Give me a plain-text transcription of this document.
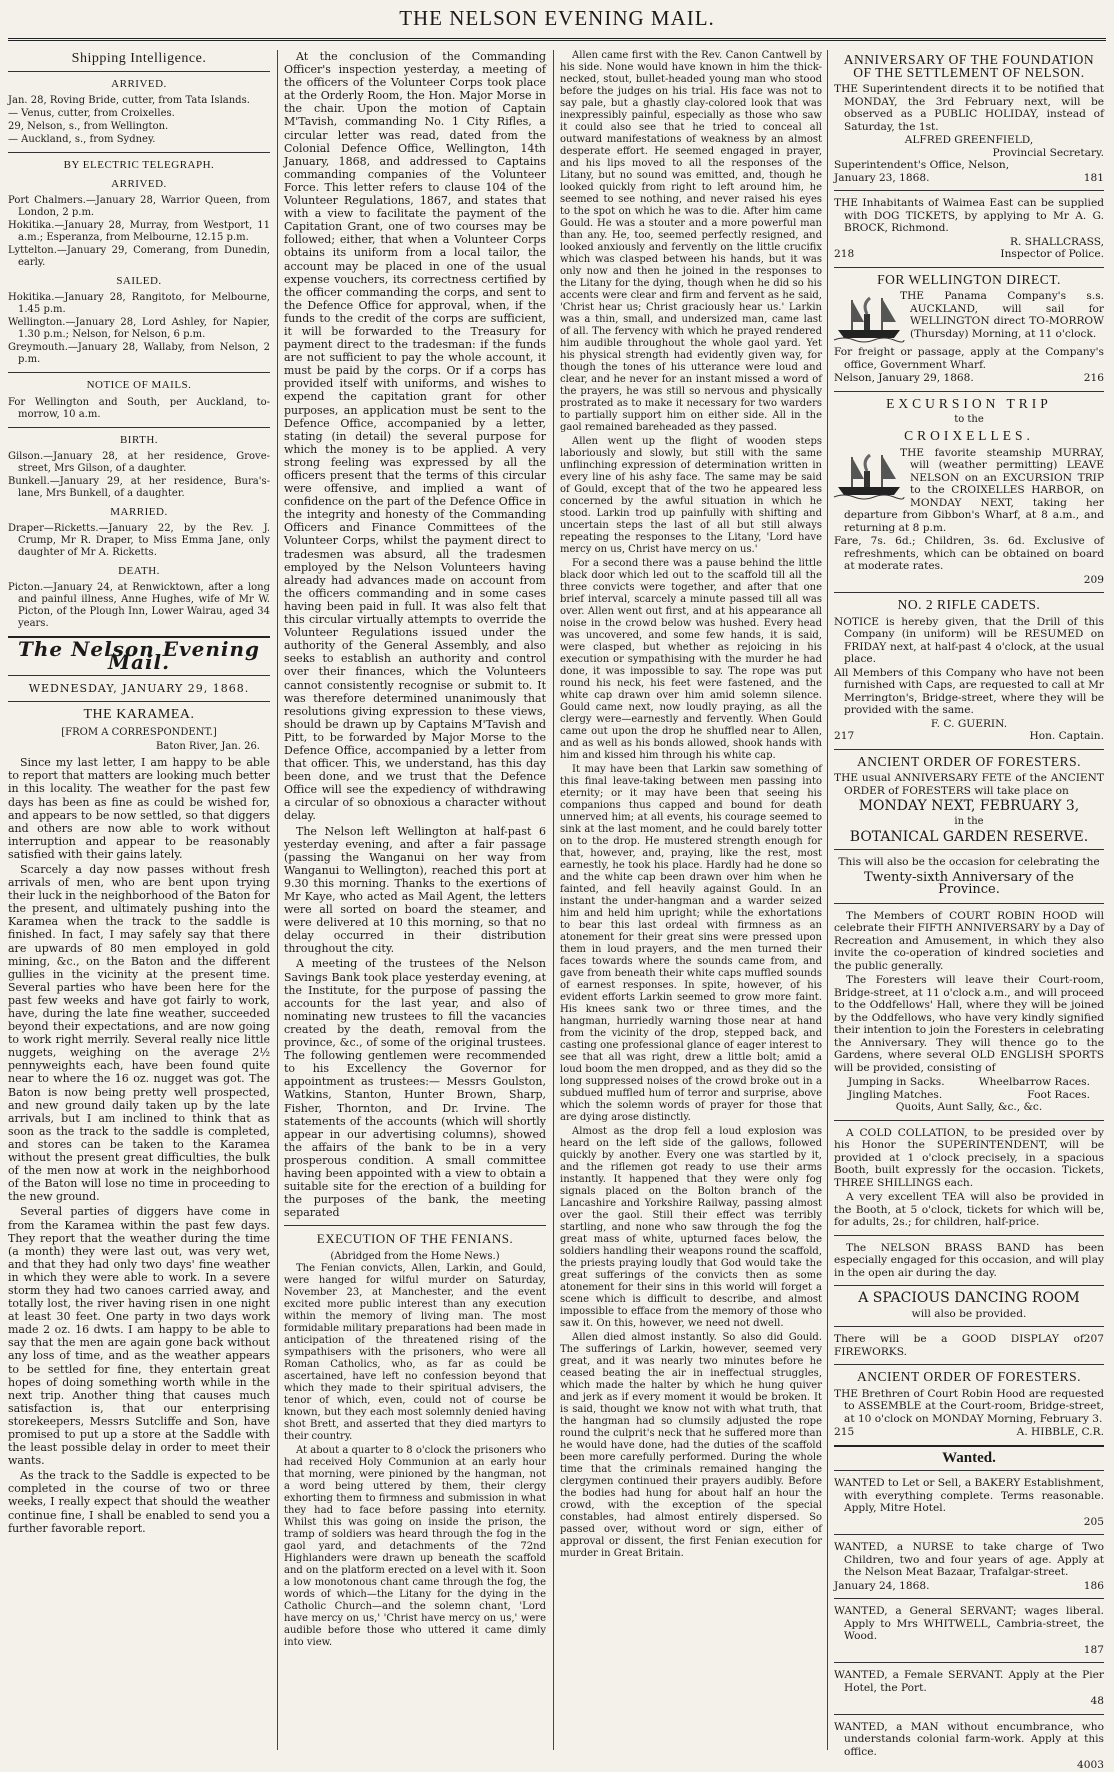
THE NELSON EVENING MAIL.
Shipping Intelligence.
ARRIVED.
Jan. 28, Roving Bride, cutter, from Tata Islands.
— Venus, cutter, from Croixelles.
29, Nelson, s., from Wellington.
— Auckland, s., from Sydney.
BY ELECTRIC TELEGRAPH.
ARRIVED.
Port Chalmers.—January 28, Warrior Queen, from London, 2 p.m.
Hokitika.—January 28, Murray, from Westport, 11 a.m.; Esperanza, from Melbourne, 12.15 p.m.
Lyttelton.—January 29, Comerang, from Dunedin, early.
SAILED.
Hokitika.—January 28, Rangitoto, for Melbourne, 1.45 p.m.
Wellington.—January 28, Lord Ashley, for Napier, 1.30 p.m.; Nelson, for Nelson, 6 p.m.
Greymouth.—January 28, Wallaby, from Nelson, 2 p.m.
NOTICE OF MAILS.
For Wellington and South, per Auckland, to-morrow, 10 a.m.
BIRTH.
Gilson.—January 28, at her residence, Grove-street, Mrs Gilson, of a daughter.
Bunkell.—January 29, at her residence, Bura's-lane, Mrs Bunkell, of a daughter.
MARRIED.
Draper—Ricketts.—January 22, by the Rev. J. Crump, Mr R. Draper, to Miss Emma Jane, only daughter of Mr A. Ricketts.
DEATH.
Picton.—January 24, at Renwicktown, after a long and painful illness, Anne Hughes, wife of Mr W. Picton, of the Plough Inn, Lower Wairau, aged 34 years.
The Nelson Evening Mail.
WEDNESDAY, JANUARY 29, 1868.
THE KARAMEA.
[FROM A CORRESPONDENT.]
Baton River, Jan. 26.

Since my last letter, I am happy to be able to report that matters are looking much better in this locality. The weather for the past few days has been as fine as could be wished for, and appears to be now settled, so that diggers and others are now able to work without interruption and appear to be reasonably satisfied with their gains lately.

Scarcely a day now passes without fresh arrivals of men, who are bent upon trying their luck in the neighborhood of the Baton for the present, and ultimately pushing into the Karamea when the track to the saddle is finished. In fact, I may safely say that there are upwards of 80 men employed in gold mining, &c., on the Baton and the different gullies in the vicinity at the present time. Several parties who have been here for the past few weeks and have got fairly to work, have, during the late fine weather, succeeded beyond their expectations, and are now going to work right merrily. Several really nice little nuggets, weighing on the average 2½ pennyweights each, have been found quite near to where the 16 oz. nugget was got. The Baton is now being pretty well prospected, and new ground daily taken up by the late arrivals, but I am inclined to think that as soon as the track to the saddle is completed, and stores can be taken to the Karamea without the present great difficulties, the bulk of the men now at work in the neighborhood of the Baton will lose no time in proceeding to the new ground.

Several parties of diggers have come in from the Karamea within the past few days. They report that the weather during the time (a month) they were last out, was very wet, and that they had only two days' fine weather in which they were able to work. In a severe storm they had two canoes carried away, and totally lost, the river having risen in one night at least 30 feet. One party in two days work made 2 oz. 16 dwts. I am happy to be able to say that the men are again gone back without any loss of time, and as the weather appears to be settled for fine, they entertain great hopes of doing something worth while in the next trip. Another thing that causes much satisfaction is, that our enterprising storekeepers, Messrs Sutcliffe and Son, have promised to put up a store at the Saddle with the least possible delay in order to meet their wants.

As the track to the Saddle is expected to be completed in the course of two or three weeks, I really expect that should the weather continue fine, I shall be enabled to send you a further favorable report.

At the conclusion of the Commanding Officer's inspection yesterday, a meeting of the officers of the Volunteer Corps took place at the Orderly Room, the Hon. Major Morse in the chair. Upon the motion of Captain M'Tavish, commanding No. 1 City Rifles, a circular letter was read, dated from the Colonial Defence Office, Wellington, 14th January, 1868, and addressed to Captains commanding companies of the Volunteer Force. This letter refers to clause 104 of the Volunteer Regulations, 1867, and states that with a view to facilitate the payment of the Capitation Grant, one of two courses may be followed; either, that when a Volunteer Corps obtains its uniform from a local tailor, the account may be placed in one of the usual expense vouchers, its correctness certified by the officer commanding the corps, and sent to the Defence Office for approval, when, if the funds to the credit of the corps are sufficient, it will be forwarded to the Treasury for payment direct to the tradesman: if the funds are not sufficient to pay the whole account, it must be paid by the corps. Or if a corps has provided itself with uniforms, and wishes to expend the capitation grant for other purposes, an application must be sent to the Defence Office, accompanied by a letter, stating (in detail) the several purpose for which the money is to be applied. A very strong feeling was expressed by all the officers present that the terms of this circular were offensive, and implied a want of confidence on the part of the Defence Office in the integrity and honesty of the Commanding Officers and Finance Committees of the Volunteer Corps, whilst the payment direct to tradesmen was absurd, all the tradesmen employed by the Nelson Volunteers having already had advances made on account from the officers commanding and in some cases having been paid in full. It was also felt that this circular virtually attempts to override the Volunteer Regulations issued under the authority of the General Assembly, and also seeks to establish an authority and control over their finances, which the Volunteers cannot consistently recognise or submit to. It was therefore determined unanimously that resolutions giving expression to these views, should be drawn up by Captains M'Tavish and Pitt, to be forwarded by Major Morse to the Defence Office, accompanied by a letter from that officer. This, we understand, has this day been done, and we trust that the Defence Office will see the expediency of withdrawing a circular of so obnoxious a character without delay.

The Nelson left Wellington at half-past 6 yesterday evening, and after a fair passage (passing the Wanganui on her way from Wanganui to Wellington), reached this port at 9.30 this morning. Thanks to the exertions of Mr Kaye, who acted as Mail Agent, the letters were all sorted on board the steamer, and were delivered at 10 this morning, so that no delay occurred in their distribution throughout the city.

A meeting of the trustees of the Nelson Savings Bank took place yesterday evening, at the Institute, for the purpose of passing the accounts for the last year, and also of nominating new trustees to fill the vacancies created by the death, removal from the province, &c., of some of the original trustees. The following gentlemen were recommended to his Excellency the Governor for appointment as trustees:— Messrs Goulston, Watkins, Stanton, Hunter Brown, Sharp, Fisher, Thornton, and Dr. Irvine. The statements of the accounts (which will shortly appear in our advertising columns), showed the affairs of the bank to be in a very prosperous condition. A small committee having been appointed with a view to obtain a suitable site for the erection of a building for the purposes of the bank, the meeting separated

EXECUTION OF THE FENIANS.
(Abridged from the Home News.)

The Fenian convicts, Allen, Larkin, and Gould, were hanged for wilful murder on Saturday, November 23, at Manchester, and the event excited more public interest than any execution within the memory of living man. The most formidable military preparations had been made in anticipation of the threatened rising of the sympathisers with the prisoners, who were all Roman Catholics, who, as far as could be ascertained, have left no confession beyond that which they made to their spiritual advisers, the tenor of which, even, could not of course be known, but they each most solemnly denied having shot Brett, and asserted that they died martyrs to their country.

At about a quarter to 8 o'clock the prisoners who had received Holy Communion at an early hour that morning, were pinioned by the hangman, not a word being uttered by them, their clergy exhorting them to firmness and submission in what they had to face before passing into eternity. Whilst this was going on inside the prison, the tramp of soldiers was heard through the fog in the gaol yard, and detachments of the 72nd Highlanders were drawn up beneath the scaffold and on the platform erected on a level with it. Soon a low monotonous chant came through the fog, the words of which—the Litany for the dying in the Catholic Church—and the solemn chant, 'Lord have mercy on us,' 'Christ have mercy on us,' were audible before those who uttered it came dimly into view.

Allen came first with the Rev. Canon Cantwell by his side. None would have known in him the thick-necked, stout, bullet-headed young man who stood before the judges on his trial. His face was not to say pale, but a ghastly clay-colored look that was inexpressibly painful, especially as those who saw it could also see that he tried to conceal all outward manifestations of weakness by an almost desperate effort. He seemed engaged in prayer, and his lips moved to all the responses of the Litany, but no sound was emitted, and, though he looked quickly from right to left around him, he seemed to see nothing, and never raised his eyes to the spot on which he was to die. After him came Gould. He was a stouter and a more powerful man than any. He, too, seemed perfectly resigned, and looked anxiously and fervently on the little crucifix which was clasped between his hands, but it was only now and then he joined in the responses to the Litany for the dying, though when he did so his accents were clear and firm and fervent as he said, 'Christ hear us; Christ graciously hear us.' Larkin was a thin, small, and undersized man, came last of all. The fervency with which he prayed rendered him audible throughout the whole gaol yard. Yet his physical strength had evidently given way, for though the tones of his utterance were loud and clear, and he never for an instant missed a word of the prayers, he was still so nervous and physically prostrated as to make it necessary for two warders to partially support him on either side. All in the gaol remained bareheaded as they passed.

Allen went up the flight of wooden steps laboriously and slowly, but still with the same unflinching expression of determination written in every line of his ashy face. The same may be said of Gould, except that of the two he appeared less concerned by the awful situation in which he stood. Larkin trod up painfully with shifting and uncertain steps the last of all but still always repeating the responses to the Litany, 'Lord have mercy on us, Christ have mercy on us.'

For a second there was a pause behind the little black door which led out to the scaffold till all the three convicts were together, and after that one brief interval, scarcely a minute passed till all was over. Allen went out first, and at his appearance all noise in the crowd below was hushed. Every head was uncovered, and some few hands, it is said, were clasped, but whether as rejoicing in his execution or sympathising with the murder he had done, it was impossible to say. The rope was put round his neck, his feet were fastened, and the white cap drawn over him amid solemn silence. Gould came next, now loudly praying, as all the clergy were—earnestly and fervently. When Gould came out upon the drop he shuffled near to Allen, and as well as his bonds allowed, shook hands with him and kissed him through his white cap.

It may have been that Larkin saw something of this final leave-taking between men passing into eternity; or it may have been that seeing his companions thus capped and bound for death unnerved him; at all events, his courage seemed to sink at the last moment, and he could barely totter on to the drop. He mustered strength enough for that, however, and, praying, like the rest, most earnestly, he took his place. Hardly had he done so and the white cap been drawn over him when he fainted, and fell heavily against Gould. In an instant the under-hangman and a warder seized him and held him upright; while the exhortations to bear this last ordeal with firmness as an atonement for their great sins were pressed upon them in loud prayers, and the men turned their faces towards where the sounds came from, and gave from beneath their white caps muffled sounds of earnest responses. In spite, however, of his evident efforts Larkin seemed to grow more faint. His knees sank two or three times, and the hangman, hurriedly warning those near at hand from the vicinity of the drop, stepped back, and casting one professional glance of eager interest to see that all was right, drew a little bolt; amid a loud boom the men dropped, and as they did so the long suppressed noises of the crowd broke out in a subdued muffled hum of terror and surprise, above which the solemn words of prayer for those that are dying arose distinctly.

Almost as the drop fell a loud explosion was heard on the left side of the gallows, followed quickly by another. Every one was startled by it, and the riflemen got ready to use their arms instantly. It happened that they were only fog signals placed on the Bolton branch of the Lancashire and Yorkshire Railway, passing almost over the gaol. Still their effect was terribly startling, and none who saw through the fog the great mass of white, upturned faces below, the soldiers handling their weapons round the scaffold, the priests praying loudly that God would take the great sufferings of the convicts then as some atonement for their sins in this world will forget a scene which is difficult to describe, and almost impossible to efface from the memory of those who saw it. On this, however, we need not dwell.

Allen died almost instantly. So also did Gould. The sufferings of Larkin, however, seemed very great, and it was nearly two minutes before he ceased beating the air in ineffectual struggles, which made the halter by which he hung quiver and jerk as if every moment it would be broken. It is said, thought we know not with what truth, that the hangman had so clumsily adjusted the rope round the culprit's neck that he suffered more than he would have done, had the duties of the scaffold been more carefully performed. During the whole time that the criminals remained hanging the clergymen continued their prayers audibly. Before the bodies had hung for about half an hour the crowd, with the exception of the special constables, had almost entirely dispersed. So passed over, without word or sign, either of approval or dissent, the first Fenian execution for murder in Great Britain.

ANNIVERSARY OF THE FOUNDATION OF THE SETTLEMENT OF NELSON.
THE Superintendent directs it to be notified that MONDAY, the 3rd February next, will be observed as a PUBLIC HOLIDAY, instead of Saturday, the 1st.
ALFRED GREENFIELD,
Provincial Secretary.
Superintendent's Office, Nelson,
January 23, 1868.	181
THE Inhabitants of Waimea East can be supplied with DOG TICKETS, by applying to Mr A. G. BROCK, Richmond.
R. SHALLCRASS,
218	Inspector of Police.
FOR WELLINGTON DIRECT.
THE Panama Company's s.s. AUCKLAND, will sail for WELLINGTON direct TO-MORROW (Thursday) Morning, at 11 o'clock.
For freight or passage, apply at the Company's office, Government Wharf.
Nelson, January 29, 1868.	216
EXCURSION TRIP
to the
CROIXELLES.
THE favorite steamship MURRAY, will (weather permitting) LEAVE NELSON on an EXCURSION TRIP to the CROIXELLES HARBOR, on MONDAY NEXT, taking her departure from Gibbon's Wharf, at 8 a.m., and returning at 8 p.m.
Fare, 7s. 6d.; Children, 3s. 6d. Exclusive of refreshments, which can be obtained on board at moderate rates.
209
NO. 2 RIFLE CADETS.
NOTICE is hereby given, that the Drill of this Company (in uniform) will be RESUMED on FRIDAY next, at half-past 4 o'clock, at the usual place.
All Members of this Company who have not been furnished with Caps, are requested to call at Mr Merrington's, Bridge-street, where they will be provided with the same.
F. C. GUERIN.
217	Hon. Captain.
ANCIENT ORDER OF FORESTERS.
THE usual ANNIVERSARY FETE of the ANCIENT ORDER of FORESTERS will take place on
MONDAY NEXT, FEBRUARY 3,
in the
BOTANICAL GARDEN RESERVE.
This will also be the occasion for celebrating the
Twenty-sixth Anniversary of the Province.

The Members of COURT ROBIN HOOD will celebrate their FIFTH ANNIVERSARY by a Day of Recreation and Amusement, in which they also invite the co-operation of kindred societies and the public generally.

The Foresters will leave their Court-room, Bridge-street, at 11 o'clock a.m., and will proceed to the Oddfellows' Hall, where they will be joined by the Oddfellows, who have very kindly signified their intention to join the Foresters in celebrating the Anniversary. They will thence go to the Gardens, where several OLD ENGLISH SPORTS will be provided, consisting of

Jumping in Sacks.	Wheelbarrow Races.
Jingling Matches.	Foot Races.
Quoits, Aunt Sally, &c., &c.

A COLD COLLATION, to be presided over by his Honor the SUPERINTENDENT, will be provided at 1 o'clock precisely, in a spacious Booth, built expressly for the occasion. Tickets, THREE SHILLINGS each.

A very excellent TEA will also be provided in the Booth, at 5 o'clock, tickets for which will be, for adults, 2s.; for children, half-price.

The NELSON BRASS BAND has been especially engaged for this occasion, and will play in the open air during the day.

A SPACIOUS DANCING ROOM
will also be provided.
There will be a GOOD DISPLAY of FIREWORKS.
207
ANCIENT ORDER OF FORESTERS.
THE Brethren of Court Robin Hood are requested to ASSEMBLE at the Court-room, Bridge-street, at 10 o'clock on MONDAY Morning, February 3.
215	A. HIBBLE, C.R.
Wanted.
WANTED to Let or Sell, a BAKERY Establishment, with everything complete. Terms reasonable. Apply, Mitre Hotel.
205
WANTED, a NURSE to take charge of Two Children, two and four years of age. Apply at the Nelson Meat Bazaar, Trafalgar-street.
January 24, 1868.	186
WANTED, a General SERVANT; wages liberal. Apply to Mrs WHITWELL, Cambria-street, the Wood.
187
WANTED, a Female SERVANT. Apply at the Pier Hotel, the Port.
48
WANTED, a MAN without encumbrance, who understands colonial farm-work. Apply at this office.
4003
